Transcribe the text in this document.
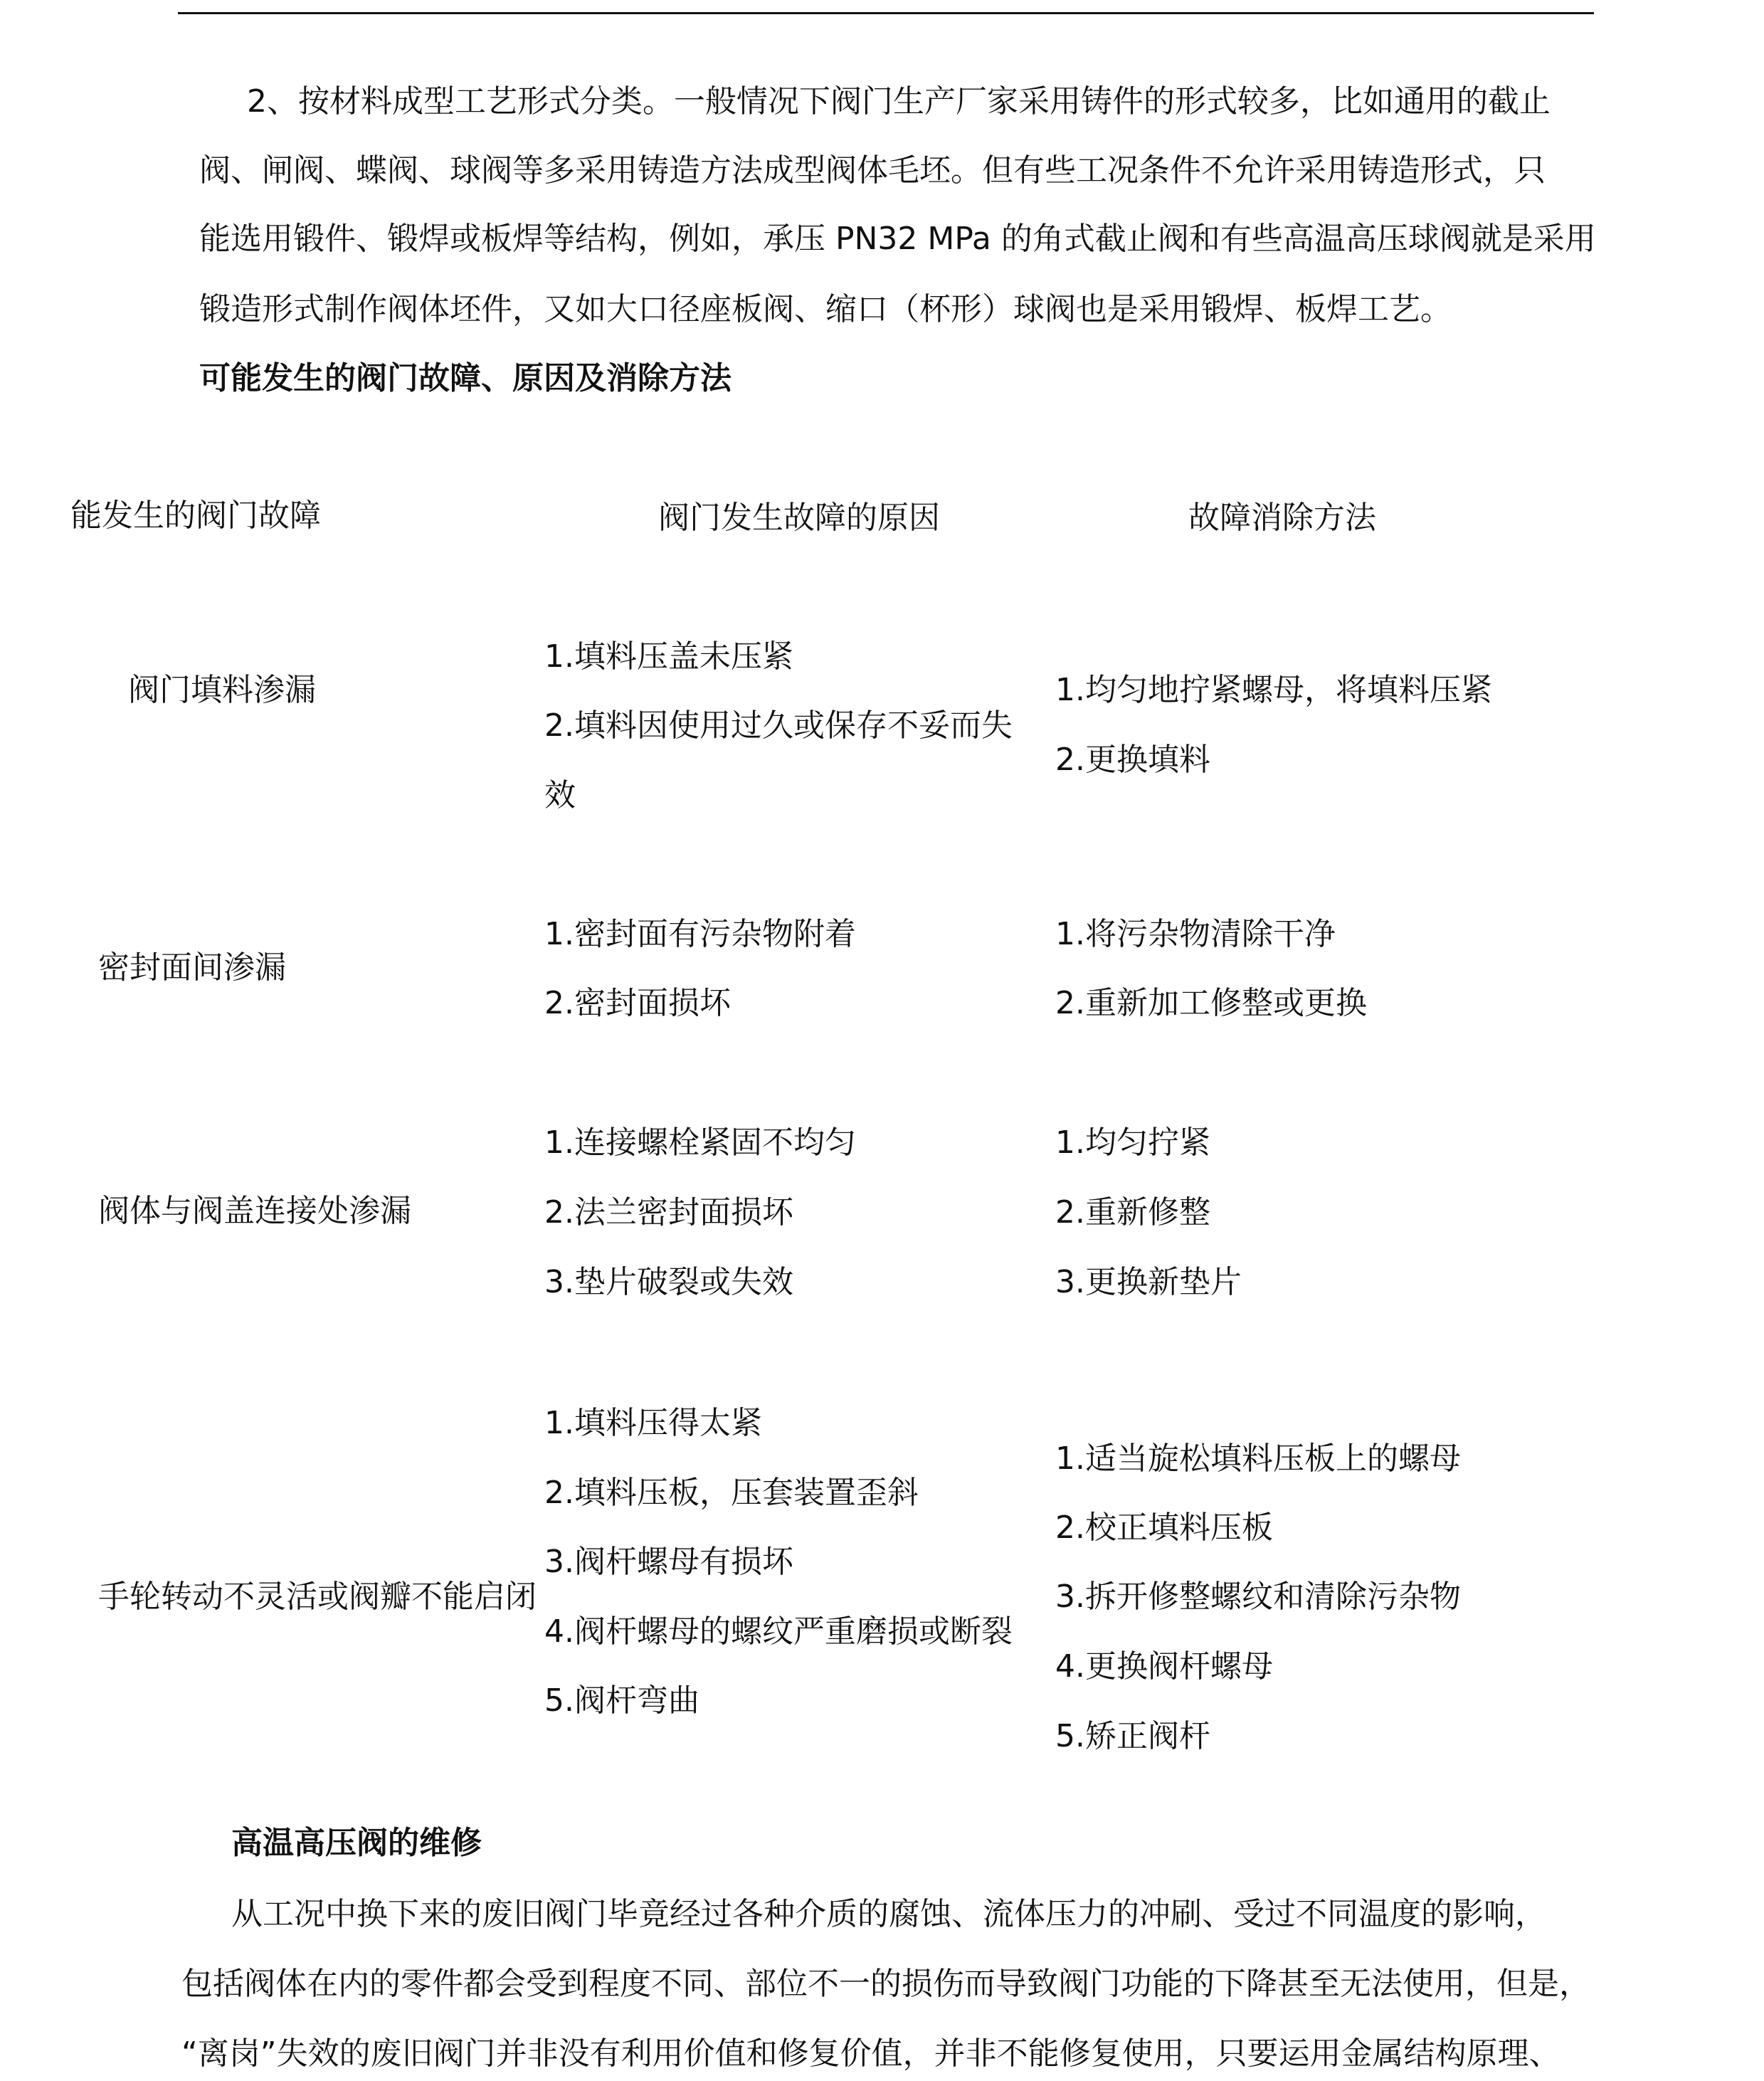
2、按材料成型工艺形式分类。一般情况下阀门生产厂家采用铸件的形式较多，比如通用的截止
阀、闸阀、蝶阀、球阀等多采用铸造方法成型阀体毛坯。但有些工况条件不允许采用铸造形式，只
能选用锻件、锻焊或板焊等结构，例如，承压 PN32 MPa 的角式截止阀和有些高温高压球阀就是采用
锻造形式制作阀体坯件，又如大口径座板阀、缩口（杯形）球阀也是采用锻焊、板焊工艺。
可能发生的阀门故障、原因及消除方法
能发生的阀门故障	阀门发生故障的原因	故障消除方法
阀门填料渗漏
1.填料压盖未压紧
2.填料因使用过久或保存不妥而失
效
1.均匀地拧紧螺母，将填料压紧
2.更换填料
密封面间渗漏
1.密封面有污杂物附着
2.密封面损坏
1.将污杂物清除干净
2.重新加工修整或更换
阀体与阀盖连接处渗漏
1.连接螺栓紧固不均匀
2.法兰密封面损坏
3.垫片破裂或失效
1.均匀拧紧
2.重新修整
3.更换新垫片
手轮转动不灵活或阀瓣不能启闭
1.填料压得太紧
2.填料压板，压套装置歪斜
3.阀杆螺母有损坏
4.阀杆螺母的螺纹严重磨损或断裂
5.阀杆弯曲
1.适当旋松填料压板上的螺母
2.校正填料压板
3.拆开修整螺纹和清除污杂物
4.更换阀杆螺母
5.矫正阀杆
高温高压阀的维修
从工况中换下来的废旧阀门毕竟经过各种介质的腐蚀、流体压力的冲刷、受过不同温度的影响，
包括阀体在内的零件都会受到程度不同、部位不一的损伤而导致阀门功能的下降甚至无法使用，但是，
“离岗”失效的废旧阀门并非没有利用价值和修复价值，并非不能修复使用，只要运用金属结构原理、
